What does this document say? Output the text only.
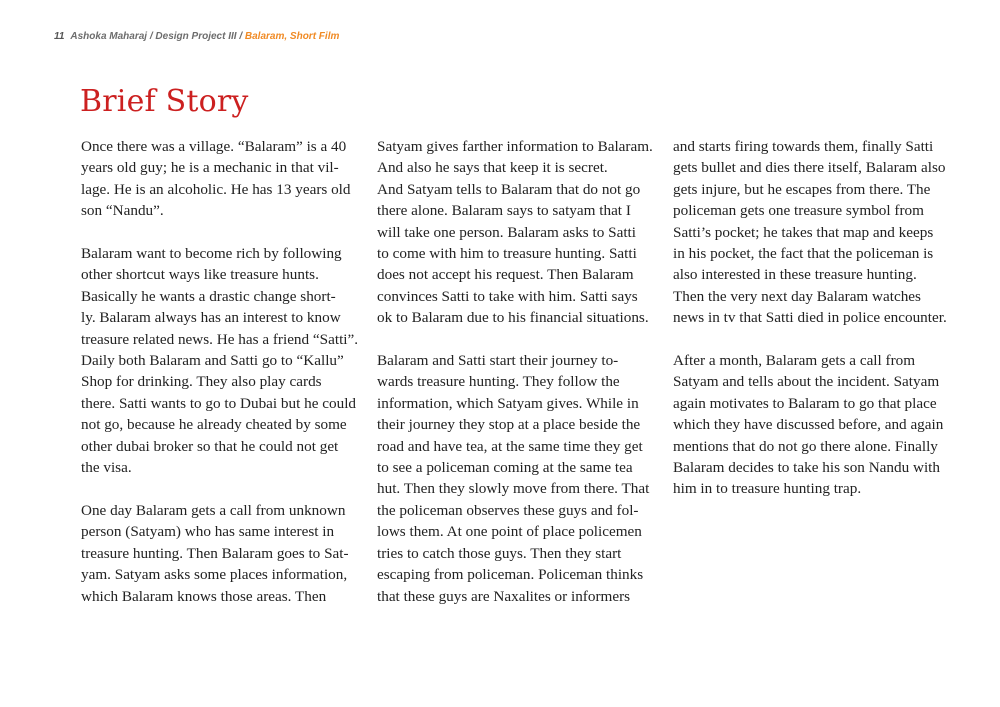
11 Ashoka Maharaj / Design Project III / Balaram, Short Film
Brief Story

Once there was a village. “Balaram” is a 40
years old guy; he is a mechanic in that vil-
lage. He is an alcoholic. He has 13 years old
son “Nandu”.

Balaram want to become rich by following
other shortcut ways like treasure hunts.
Basically he wants a drastic change short-
ly. Balaram always has an interest to know
treasure related news. He has a friend “Satti”.
Daily both Balaram and Satti go to “Kallu”
Shop for drinking. They also play cards
there. Satti wants to go to Dubai but he could
not go, because he already cheated by some
other dubai broker so that he could not get
the visa.

One day Balaram gets a call from unknown
person (Satyam) who has same interest in
treasure hunting. Then Balaram goes to Sat-
yam. Satyam asks some places information,
which Balaram knows those areas. Then

Satyam gives farther information to Balaram.
And also he says that keep it is secret.
And Satyam tells to Balaram that do not go
there alone. Balaram says to satyam that I
will take one person. Balaram asks to Satti
to come with him to treasure hunting. Satti
does not accept his request. Then Balaram
convinces Satti to take with him. Satti says
ok to Balaram due to his financial situations.

Balaram and Satti start their journey to-
wards treasure hunting. They follow the
information, which Satyam gives. While in
their journey they stop at a place beside the
road and have tea, at the same time they get
to see a policeman coming at the same tea
hut. Then they slowly move from there. That
the policeman observes these guys and fol-
lows them. At one point of place policemen
tries to catch those guys. Then they start
escaping from policeman. Policeman thinks
that these guys are Naxalites or informers

and starts firing towards them, finally Satti
gets bullet and dies there itself, Balaram also
gets injure, but he escapes from there. The
policeman gets one treasure symbol from
Satti’s pocket; he takes that map and keeps
in his pocket, the fact that the policeman is
also interested in these treasure hunting.
Then the very next day Balaram watches
news in tv that Satti died in police encounter.

After a month, Balaram gets a call from
Satyam and tells about the incident. Satyam
again motivates to Balaram to go that place
which they have discussed before, and again
mentions that do not go there alone. Finally
Balaram decides to take his son Nandu with
him in to treasure hunting trap.
